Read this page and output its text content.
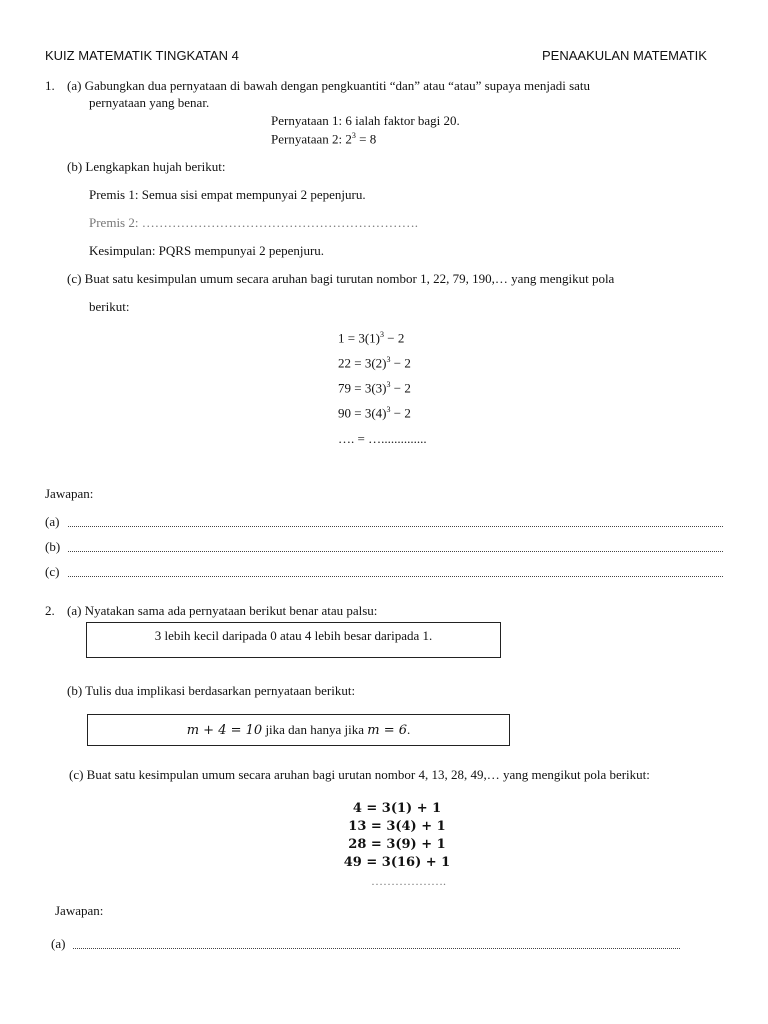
KUIZ MATEMATIK TINGKATAN 4	PENAAKULAN MATEMATIK
1. (a) Gabungkan dua pernyataan di bawah dengan pengkuantiti “dan” atau “atau” supaya menjadi satu
pernyataan yang benar.
Pernyataan 1: 6 ialah faktor bagi 20.
Pernyataan 2: $2^3 = 8$
(b) Lengkapkan hujah berikut:
Premis 1: Semua sisi empat mempunyai 2 pepenjuru.
Premis 2: ……………………………………………………….
Kesimpulan: PQRS mempunyai 2 pepenjuru.
(c) Buat satu kesimpulan umum secara aruhan bagi turutan nombor 1, 22, 79, 190,… yang mengikut pola
berikut:
$1 = 3(1)^3 - 2$
$22 = 3(2)^3 - 2$
$79 = 3(3)^3 - 2$
$90 = 3(4)^3 - 2$
…. = …..............
Jawapan:
(a)
(b)
(c)
2. (a) Nyatakan sama ada pernyataan berikut benar atau palsu:
3 lebih kecil daripada 0 atau 4 lebih besar daripada 1.
(b) Tulis dua implikasi berdasarkan pernyataan berikut:
m + 4 = 10 jika dan hanya jika m = 6.
(c) Buat satu kesimpulan umum secara aruhan bagi urutan nombor 4, 13, 28, 49,… yang mengikut pola berikut:
4 = 3(1) + 1
13 = 3(4) + 1
28 = 3(9) + 1
49 = 3(16) + 1
……………….
Jawapan:
(a)
